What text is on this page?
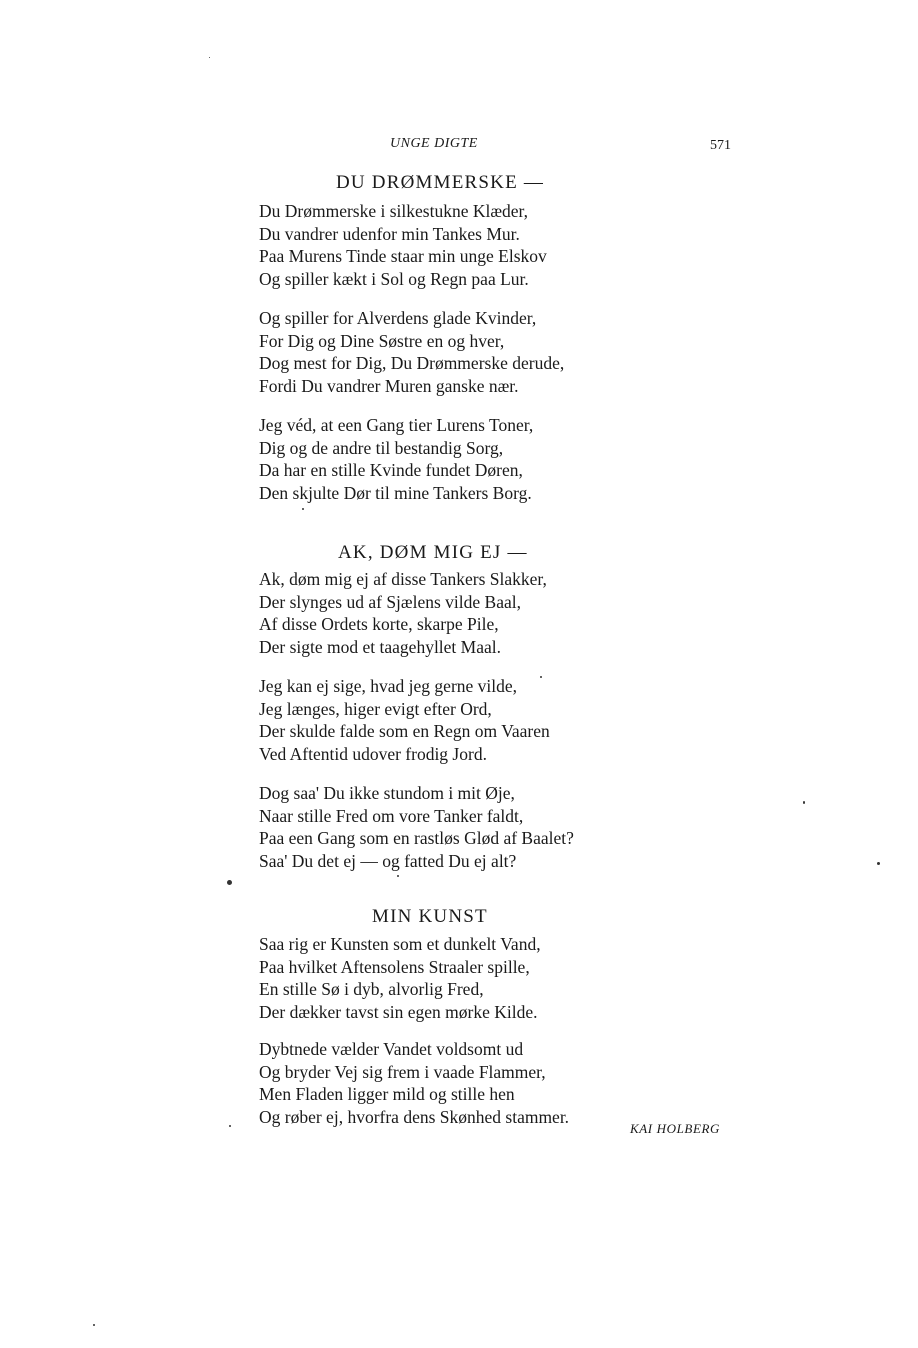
UNGE DIGTE	571
DU DRØMMERSKE —
Du Drømmerske i silkestukne Klæder,
Du vandrer udenfor min Tankes Mur.
Paa Murens Tinde staar min unge Elskov
Og spiller kækt i Sol og Regn paa Lur.
Og spiller for Alverdens glade Kvinder,
For Dig og Dine Søstre en og hver,
Dog mest for Dig, Du Drømmerske derude,
Fordi Du vandrer Muren ganske nær.
Jeg véd, at een Gang tier Lurens Toner,
Dig og de andre til bestandig Sorg,
Da har en stille Kvinde fundet Døren,
Den skjulte Dør til mine Tankers Borg.
AK, DØM MIG EJ —
Ak, døm mig ej af disse Tankers Slakker,
Der slynges ud af Sjælens vilde Baal,
Af disse Ordets korte, skarpe Pile,
Der sigte mod et taagehyllet Maal.
Jeg kan ej sige, hvad jeg gerne vilde,
Jeg længes, higer evigt efter Ord,
Der skulde falde som en Regn om Vaaren
Ved Aftentid udover frodig Jord.
Dog saa' Du ikke stundom i mit Øje,
Naar stille Fred om vore Tanker faldt,
Paa een Gang som en rastløs Glød af Baalet?
Saa' Du det ej — og fatted Du ej alt?
MIN KUNST
Saa rig er Kunsten som et dunkelt Vand,
Paa hvilket Aftensolens Straaler spille,
En stille Sø i dyb, alvorlig Fred,
Der dækker tavst sin egen mørke Kilde.
Dybtnede vælder Vandet voldsomt ud
Og bryder Vej sig frem i vaade Flammer,
Men Fladen ligger mild og stille hen
Og røber ej, hvorfra dens Skønhed stammer.
KAI HOLBERG
